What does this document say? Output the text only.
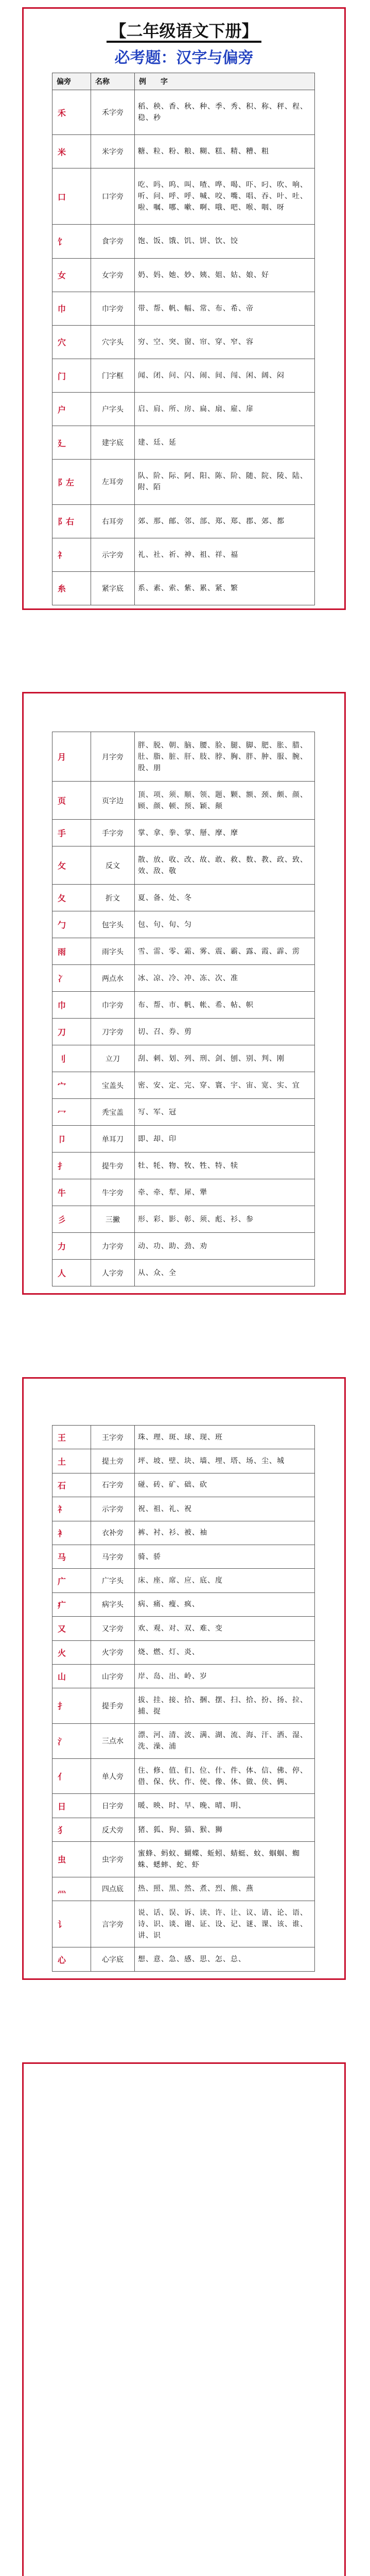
【二年级语文下册】
必考题：汉字与偏旁
偏旁	名称	例　　字
禾	禾字旁	稻、秧、香、秋、种、季、秀、积、称、秤、程、稳、秒
米	米字旁	糖、粒、粉、粮、糊、糕、精、糟、粗
口	口字旁	吃、吗、呜、叫、喳、哗、喝、吓、叼、吹、响、听、问、呼、呼、喊、咬、嘴、唱、吞、叶、吐、啦、嘱、哪、嗽、啊、哦、吧、喉、咽、呀
饣	食字旁	饱、饭、饿、饥、饼、饮、饺
女	女字旁	奶、妈、她、妙、姨、姐、姑、娘、好
巾	巾字旁	带、帮、帆、幅、常、布、希、帝
穴	穴字头	穷、空、突、窗、帘、穿、窄、容
门	门字框	闻、闭、问、闪、闹、间、闯、闲、阔、闷
户	户字头	启、肩、所、房、扁、扇、雇、扉
廴	建字底	建、廷、延
阝左	左耳旁	队、阶、际、阿、阳、陈、阶、随、院、陵、陆、附、陌
阝右	右耳旁	郊、那、邮、邻、部、郑、郑、郡、郊、都
礻	示字旁	礼、社、祈、神、祖、祥、福
糸	紧字底	系、素、索、紫、累、紧、繁
月	月字旁	胖、脱、朝、脑、腰、脸、腿、脚、肥、胀、腊、肚、脂、脏、肝、肢、脖、胸、胖、肿、服、腕、股、朋
页	页字边	顶、项、须、顺、领、题、颗、额、颈、颇、颜、顾、颜、顿、预、颖、颠
手	手字旁	掌、拿、拳、掌、掰、摩、摩
攵	反文	散、放、收、改、故、敢、救、数、教、政、致、效、敌、敬
夂	折文	夏、备、处、冬
勹	包字头	包、句、旬、匀
雨	雨字头	雪、雷、零、霜、雾、震、霸、露、霞、霹、雳
冫	两点水	冰、凉、冷、冲、冻、次、准
巾	巾字旁	布、帮、市、帆、帐、希、帖、帜
刀	刀字旁	切、召、券、剪
刂	立刀	刮、刺、划、列、刑、剑、刨、别、判、刚
宀	宝盖头	密、安、定、完、穿、寰、宇、宙、宽、实、宜
冖	秃宝盖	写、军、冠
卩	单耳刀	即、却、印
扌	提牛旁	牡、牦、物、牧、牲、特、犊
牛	牛字旁	牵、牵、犁、犀、犟
彡	三撇	形、彩、影、彰、须、彪、衫、参
力	力字旁	动、功、助、劲、劝
人	人字旁	从、众、全
王	王字旁	珠、理、斑、球、现、班
土	提土旁	坪、坡、壁、块、墙、埋、塔、场、尘、城
石	石字旁	碰、砖、矿、础、砍
礻	示字旁	祝、祖、礼、祝
衤	衣补旁	裤、衬、衫、被、袖
马	马字旁	骑、骄
广	广字头	床、座、席、应、底、度
疒	病字头	病、痛、瘦、疯、
又	又字旁	欢、观、对、双、难、变
火	火字旁	烧、燃、灯、炎、
山	山字旁	岸、岛、出、岭、岁
扌	提手旁	拔、挂、接、拾、捆、摆、扫、拾、扮、扬、拉、捕、捉
氵	三点水	漂、河、清、波、满、湖、流、海、汗、洒、湿、洗、澡、浦
亻	单人旁	住、修、值、们、位、什、件、体、信、佛、停、借、保、伙、作、使、像、休、做、侠、俩、
日	日字旁	暖、映、时、早、晚、晴、明、
犭	反犬旁	猪、狐、狗、猫、猴、狮
虫	虫字旁	蜜蜂、蚂蚁、蝴蝶、蚯蚓、蜻蜓、蚊、蝈蝈、蜘蛛、蟋蟀、蛇、虾
灬	四点底	热、照、黑、然、煮、烈、熊、燕
讠	言字旁	说、话、误、诉、读、许、让、议、请、论、语、诗、识、谈、谢、证、设、记、谜、课、该、谁、讲、识
心	心字底	想、意、急、感、思、怎、总、
